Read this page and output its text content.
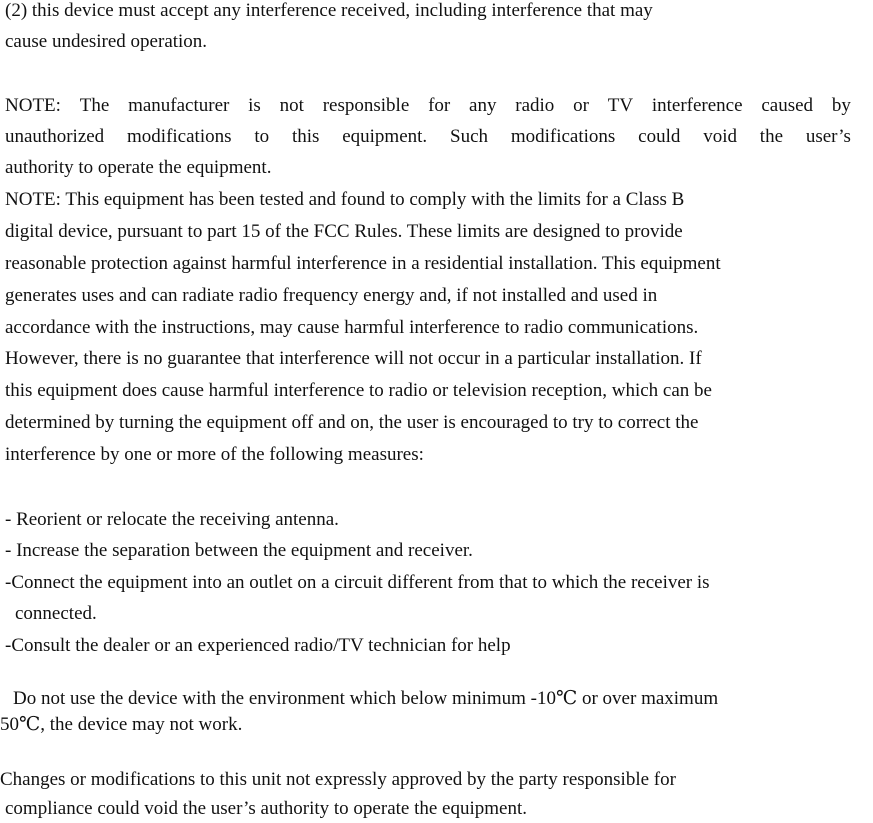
(2) this device must accept any interference received, including interference that may
cause undesired operation.
NOTE: The manufacturer is not responsible for any radio or TV interference caused by
unauthorized modifications to this equipment. Such modifications could void the user’s
authority to operate the equipment.
NOTE: This equipment has been tested and found to comply with the limits for a Class B
digital device, pursuant to part 15 of the FCC Rules. These limits are designed to provide
reasonable protection against harmful interference in a residential installation. This equipment
generates uses and can radiate radio frequency energy and, if not installed and used in
accordance with the instructions, may cause harmful interference to radio communications.
However, there is no guarantee that interference will not occur in a particular installation. If
this equipment does cause harmful interference to radio or television reception, which can be
determined by turning the equipment off and on, the user is encouraged to try to correct the
interference by one or more of the following measures:
- Reorient or relocate the receiving antenna.
- Increase the separation between the equipment and receiver.
-Connect the equipment into an outlet on a circuit different from that to which the receiver is
connected.
-Consult the dealer or an experienced radio/TV technician for help
Do not use the device with the environment which below minimum -10℃ or over maximum
50℃, the device may not work.
Changes or modifications to this unit not expressly approved by the party responsible for
compliance could void the user’s authority to operate the equipment.
